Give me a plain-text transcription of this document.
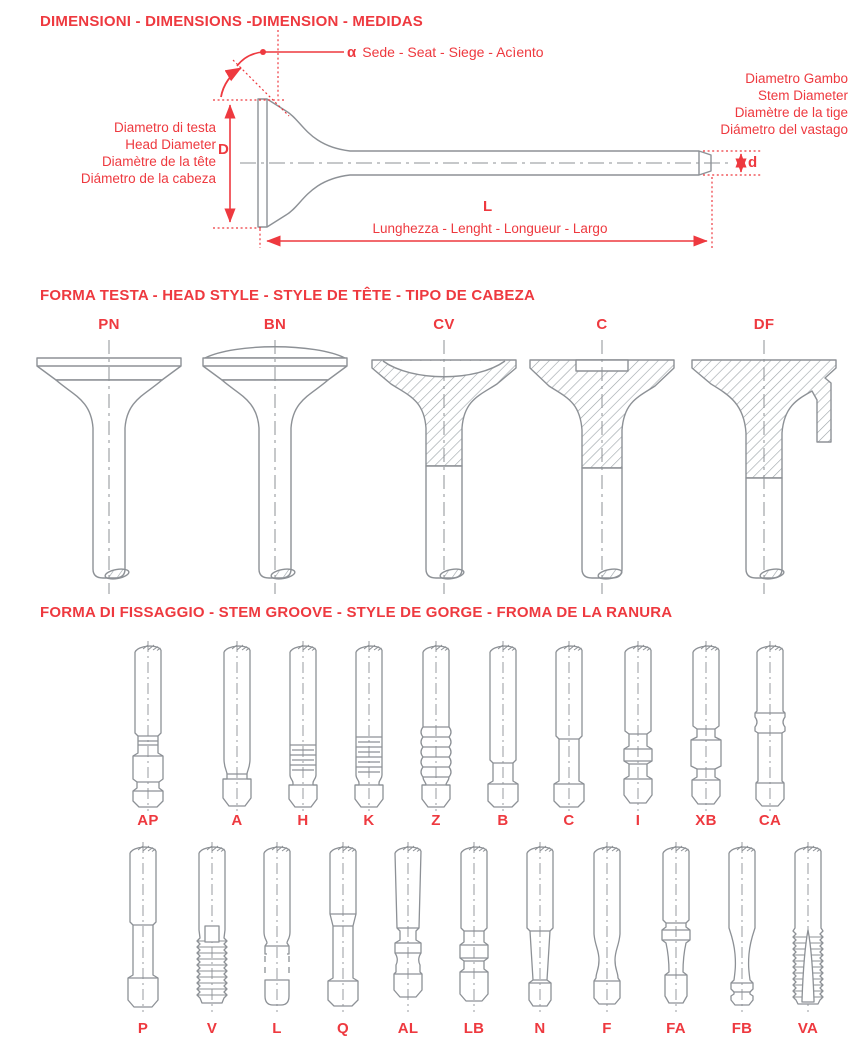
DIMENSIONI - DIMENSIONS -DIMENSION - MEDIDAS
α Sede - Seat - Siege - Acìento
D
Diametro di testa
Head Diameter
Diamètre de la tête
Diámetro de la cabeza
Diametro Gambo
Stem Diameter
Diamètre de la tige
Diámetro del vastago
d
L
Lunghezza - Lenght - Longueur - Largo
FORMA TESTA - HEAD STYLE - STYLE DE TÊTE - TIPO DE CABEZA
PN	BN	CV	C	DF
FORMA DI FISSAGGIO - STEM GROOVE - STYLE DE GORGE - FROMA DE LA RANURA
AP	A	H	K	Z	B	C	I	XB	CA
P	V	L	Q	AL	LB	N	F	FA	FB	VA
